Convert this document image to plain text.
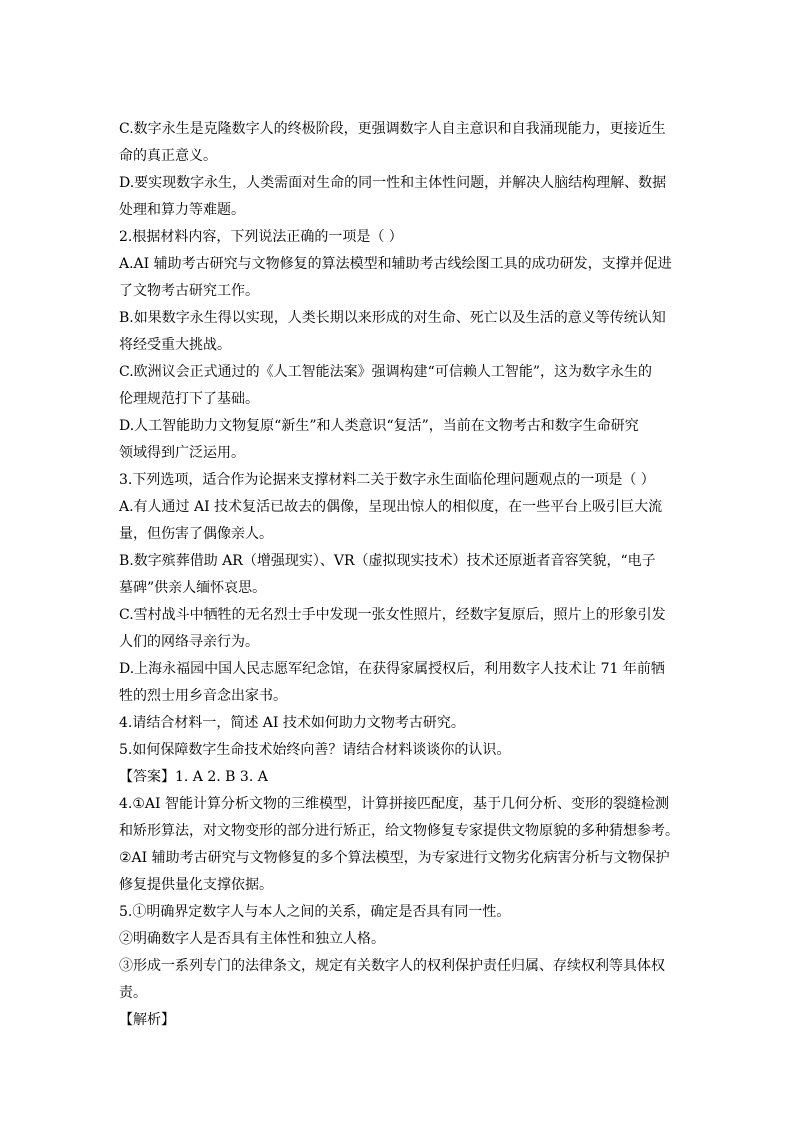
C.数字永生是克隆数字人的终极阶段，更强调数字人自主意识和自我涌现能力，更接近生
命的真正意义。
D.要实现数字永生，人类需面对生命的同一性和主体性问题，并解决人脑结构理解、数据
处理和算力等难题。
2.根据材料内容，下列说法正确的一项是（ ）
A.AI 辅助考古研究与文物修复的算法模型和辅助考古线绘图工具的成功研发，支撑并促进
了文物考古研究工作。
B.如果数字永生得以实现，人类长期以来形成的对生命、死亡以及生活的意义等传统认知
将经受重大挑战。
C.欧洲议会正式通过的《人工智能法案》强调构建“可信赖人工智能”，这为数字永生的
伦理规范打下了基础。
D.人工智能助力文物复原“新生”和人类意识“复活”，当前在文物考古和数字生命研究
领域得到广泛运用。
3.下列选项，适合作为论据来支撑材料二关于数字永生面临伦理问题观点的一项是（ ）
A.有人通过 AI 技术复活已故去的偶像，呈现出惊人的相似度，在一些平台上吸引巨大流
量，但伤害了偶像亲人。
B.数字殡葬借助 AR（增强现实）、VR（虚拟现实技术）技术还原逝者音容笑貌，“电子
墓碑”供亲人缅怀哀思。
C.雪村战斗中牺牲的无名烈士手中发现一张女性照片，经数字复原后，照片上的形象引发
人们的网络寻亲行为。
D.上海永福园中国人民志愿军纪念馆，在获得家属授权后，利用数字人技术让 71 年前牺
牲的烈士用乡音念出家书。
4.请结合材料一，简述 AI 技术如何助力文物考古研究。
5.如何保障数字生命技术始终向善？请结合材料谈谈你的认识。
【答案】1. A 2. B 3. A
4.①AI 智能计算分析文物的三维模型，计算拼接匹配度，基于几何分析、变形的裂缝检测
和矫形算法，对文物变形的部分进行矫正，给文物修复专家提供文物原貌的多种猜想参考。
②AI 辅助考古研究与文物修复的多个算法模型，为专家进行文物劣化病害分析与文物保护
修复提供量化支撑依据。
5.①明确界定数字人与本人之间的关系，确定是否具有同一性。
②明确数字人是否具有主体性和独立人格。
③形成一系列专门的法律条文，规定有关数字人的权利保护责任归属、存续权利等具体权
责。
【解析】
